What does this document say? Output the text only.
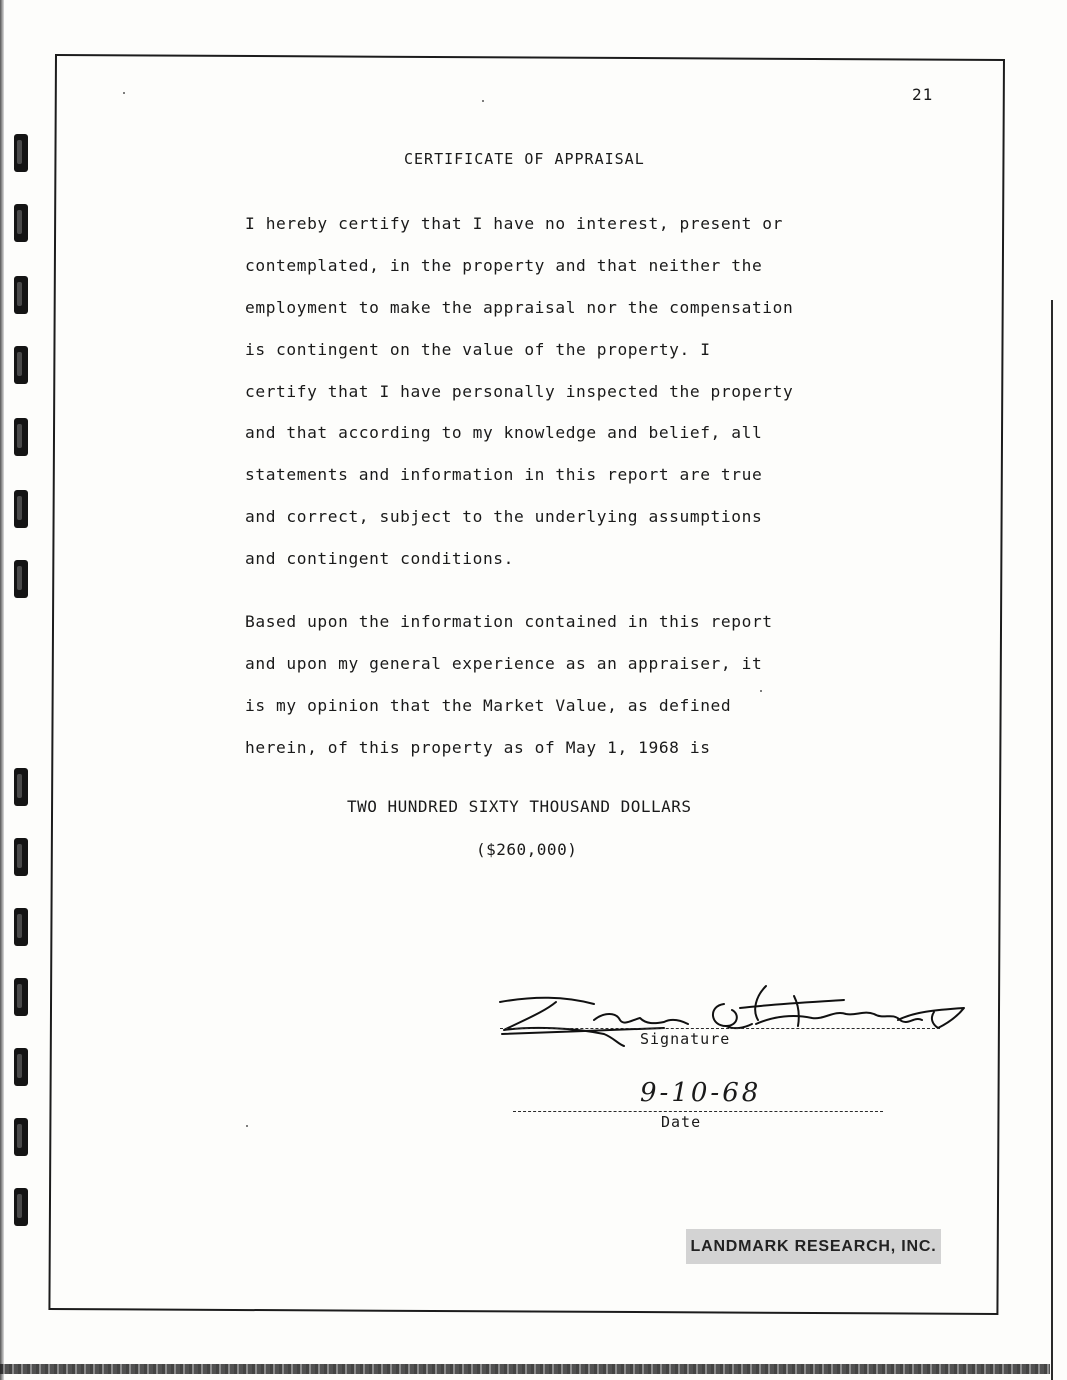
21
CERTIFICATE OF APPRAISAL
I hereby certify that I have no interest, present or
contemplated, in the property and that neither the
employment to make the appraisal nor the compensation
is contingent on the value of the property. I
certify that I have personally inspected the property
and that according to my knowledge and belief, all
statements and information in this report are true
and correct, subject to the underlying assumptions
and contingent conditions.
Based upon the information contained in this report
and upon my general experience as an appraiser, it
is my opinion that the Market Value, as defined
herein, of this property as of May 1, 1968 is
TWO HUNDRED SIXTY THOUSAND DOLLARS
($260,000)
Signature
9-10-68
Date
LANDMARK RESEARCH, INC.
